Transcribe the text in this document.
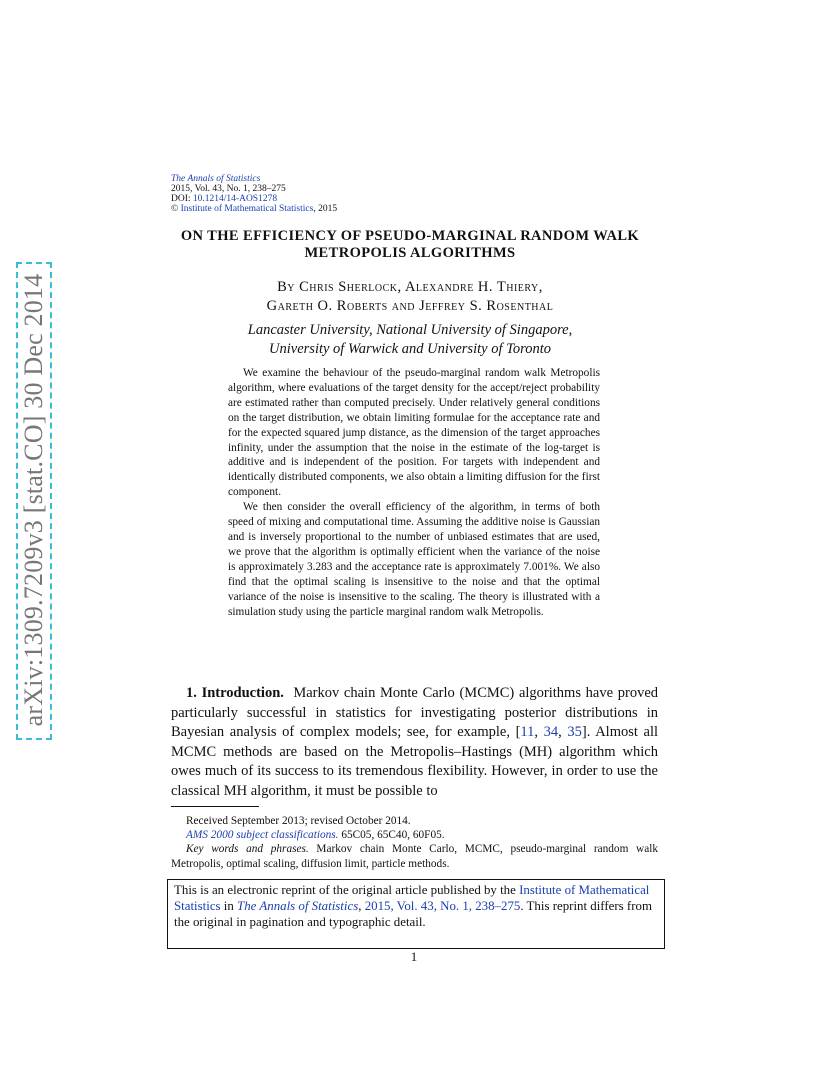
arXiv:1309.7209v3 [stat.CO] 30 Dec 2014
The Annals of Statistics
2015, Vol. 43, No. 1, 238–275
DOI: 10.1214/14-AOS1278
© Institute of Mathematical Statistics, 2015
ON THE EFFICIENCY OF PSEUDO-MARGINAL RANDOM WALK
METROPOLIS ALGORITHMS
By Chris Sherlock, Alexandre H. Thiery,
Gareth O. Roberts and Jeffrey S. Rosenthal
Lancaster University, National University of Singapore,
University of Warwick and University of Toronto

We examine the behaviour of the pseudo-marginal random walk Metropolis algorithm, where evaluations of the target density for the accept/reject probability are estimated rather than computed precisely. Under relatively general conditions on the target distribution, we obtain limiting formulae for the acceptance rate and for the expected squared jump distance, as the dimension of the target approaches infinity, under the assumption that the noise in the estimate of the log-target is additive and is independent of the position. For targets with independent and identically distributed components, we also obtain a limiting diffusion for the first component.

We then consider the overall efficiency of the algorithm, in terms of both speed of mixing and computational time. Assuming the additive noise is Gaussian and is inversely proportional to the number of unbiased estimates that are used, we prove that the algorithm is optimally efficient when the variance of the noise is approximately 3.283 and the acceptance rate is approximately 7.001%. We also find that the optimal scaling is insensitive to the noise and that the optimal variance of the noise is insensitive to the scaling. The theory is illustrated with a simulation study using the particle marginal random walk Metropolis.

1. Introduction. Markov chain Monte Carlo (MCMC) algorithms have proved particularly successful in statistics for investigating posterior distributions in Bayesian analysis of complex models; see, for example, [11, 34, 35]. Almost all MCMC methods are based on the Metropolis–Hastings (MH) algorithm which owes much of its success to its tremendous flexibility. However, in order to use the classical MH algorithm, it must be possible to

Received September 2013; revised October 2014.

AMS 2000 subject classifications. 65C05, 65C40, 60F05.

Key words and phrases. Markov chain Monte Carlo, MCMC, pseudo-marginal random walk Metropolis, optimal scaling, diffusion limit, particle methods.

This is an electronic reprint of the original article published by the Institute of Mathematical Statistics in The Annals of Statistics, 2015, Vol. 43, No. 1, 238–275. This reprint differs from the original in pagination and typographic detail.
1
